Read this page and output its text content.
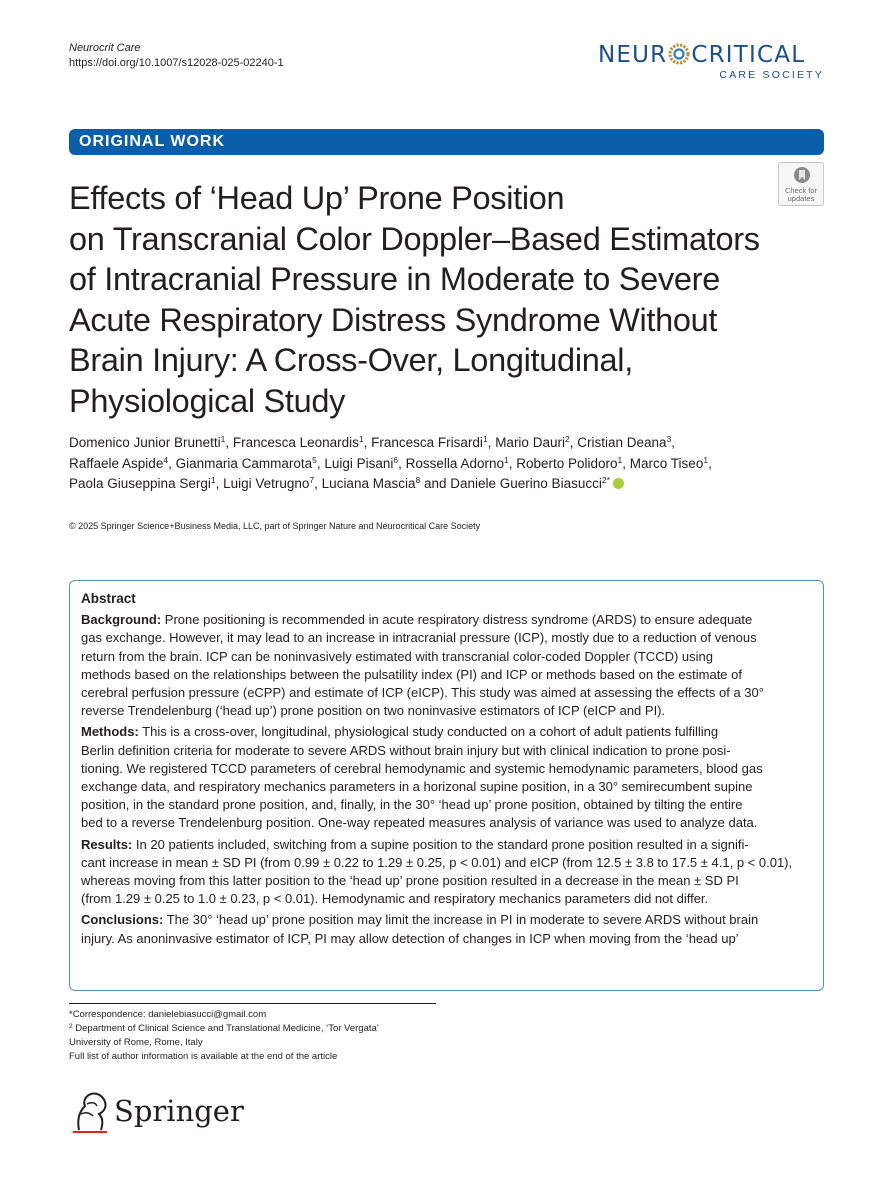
Neurocrit Care
https://doi.org/10.1007/s12028-025-02240-1	NEUR CRITICAL
CARE SOCIETY
ORIGINAL WORK
Check for
updates
Effects of ‘Head Up’ Prone Position
on Transcranial Color Doppler–Based Estimators
of Intracranial Pressure in Moderate to Severe
Acute Respiratory Distress Syndrome Without
Brain Injury: A Cross-Over, Longitudinal,
Physiological Study
Domenico Junior Brunetti$^1$, Francesca Leonardis$^1$, Francesca Frisardi$^1$, Mario Dauri$^2$, Cristian Deana$^3$,
Raffaele Aspide$^4$, Gianmaria Cammarota$^5$, Luigi Pisani$^6$, Rossella Adorno$^1$, Roberto Polidoro$^1$, Marco Tiseo$^1$,
Paola Giuseppina Sergi$^1$, Luigi Vetrugno$^7$, Luciana Mascia$^8$ and Daniele Guerino Biasucci$^{2*}$
© 2025 Springer Science+Business Media, LLC, part of Springer Nature and Neurocritical Care Society
Abstract
Background: Prone positioning is recommended in acute respiratory distress syndrome (ARDS) to ensure adequate
gas exchange. However, it may lead to an increase in intracranial pressure (ICP), mostly due to a reduction of venous
return from the brain. ICP can be noninvasively estimated with transcranial color-coded Doppler (TCCD) using
methods based on the relationships between the pulsatility index (PI) and ICP or methods based on the estimate of
cerebral perfusion pressure (eCPP) and estimate of ICP (eICP). This study was aimed at assessing the effects of a 30°
reverse Trendelenburg (‘head up’) prone position on two noninvasive estimators of ICP (eICP and PI).
Methods: This is a cross-over, longitudinal, physiological study conducted on a cohort of adult patients fulfilling
Berlin definition criteria for moderate to severe ARDS without brain injury but with clinical indication to prone posi-
tioning. We registered TCCD parameters of cerebral hemodynamic and systemic hemodynamic parameters, blood gas
exchange data, and respiratory mechanics parameters in a horizonal supine position, in a 30° semirecumbent supine
position, in the standard prone position, and, finally, in the 30° ‘head up’ prone position, obtained by tilting the entire
bed to a reverse Trendelenburg position. One-way repeated measures analysis of variance was used to analyze data.
Results: In 20 patients included, switching from a supine position to the standard prone position resulted in a signifi-
cant increase in mean ± SD PI (from 0.99 ± 0.22 to 1.29 ± 0.25, p < 0.01) and eICP (from 12.5 ± 3.8 to 17.5 ± 4.1, p < 0.01),
whereas moving from this latter position to the ‘head up’ prone position resulted in a decrease in the mean ± SD PI
(from 1.29 ± 0.25 to 1.0 ± 0.23, p < 0.01). Hemodynamic and respiratory mechanics parameters did not differ.
Conclusions: The 30° ‘head up’ prone position may limit the increase in PI in moderate to severe ARDS without brain
injury. As anoninvasive estimator of ICP, PI may allow detection of changes in ICP when moving from the ‘head up’
*Correspondence: danielebiasucci@gmail.com
$^2$ Department of Clinical Science and Translational Medicine, ‘Tor Vergata’
University of Rome, Rome, Italy
Full list of author information is available at the end of the article
Springer
